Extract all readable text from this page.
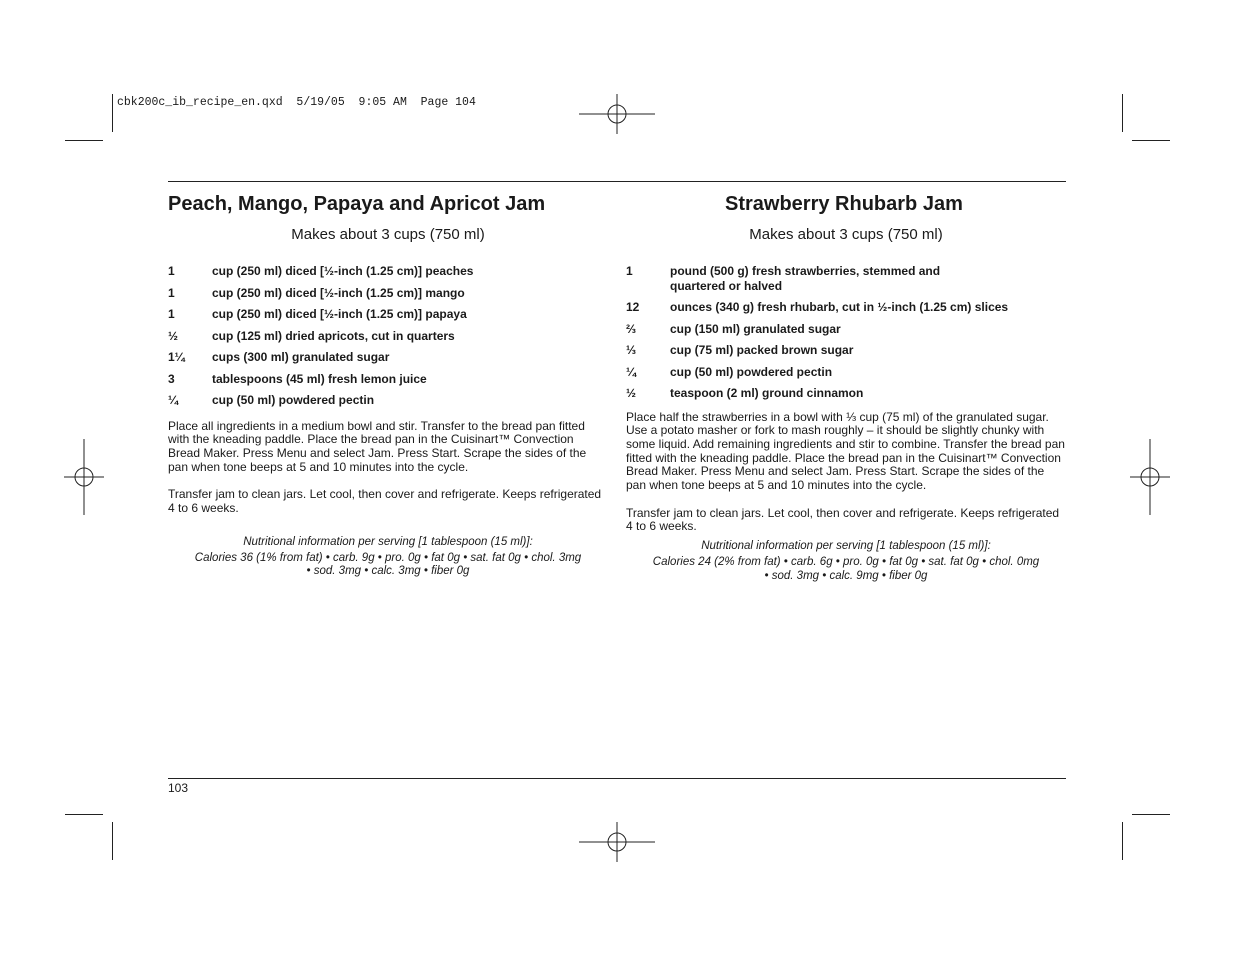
cbk200c_ib_recipe_en.qxd  5/19/05  9:05 AM  Page 104
Peach, Mango, Papaya and Apricot Jam
Makes about 3 cups (750 ml)
1	cup (250 ml) diced [½-inch (1.25 cm)] peaches
1	cup (250 ml) diced [½-inch (1.25 cm)] mango
1	cup (250 ml) diced [½-inch (1.25 cm)] papaya
½	cup (125 ml) dried apricots, cut in quarters
1¼	cups (300 ml) granulated sugar
3	tablespoons (45 ml) fresh lemon juice
¼	cup (50 ml) powdered pectin
Place all ingredients in a medium bowl and stir. Transfer to the bread pan fitted with the kneading paddle. Place the bread pan in the Cuisinart™ Convection Bread Maker. Press Menu and select Jam. Press Start. Scrape the sides of the pan when tone beeps at 5 and 10 minutes into the cycle.
Transfer jam to clean jars. Let cool, then cover and refrigerate. Keeps refrigerated 4 to 6 weeks.
Nutritional information per serving [1 tablespoon (15 ml)]:
Calories 36 (1% from fat) • carb. 9g • pro. 0g • fat 0g • sat. fat 0g • chol. 3mg
• sod. 3mg • calc. 3mg • fiber 0g
Strawberry Rhubarb Jam
Makes about 3 cups (750 ml)
1	pound (500 g) fresh strawberries, stemmed and
quartered or halved
12	ounces (340 g) fresh rhubarb, cut in ½-inch (1.25 cm) slices
⅔	cup (150 ml) granulated sugar
⅓	cup (75 ml) packed brown sugar
¼	cup (50 ml) powdered pectin
½	teaspoon (2 ml) ground cinnamon
Place half the strawberries in a bowl with ⅓ cup (75 ml) of the granulated sugar. Use a potato masher or fork to mash roughly – it should be slightly chunky with some liquid. Add remaining ingredients and stir to combine. Transfer the bread pan fitted with the kneading paddle. Place the bread pan in the Cuisinart™ Convection Bread Maker. Press Menu and select Jam. Press Start. Scrape the sides of the pan when tone beeps at 5 and 10 minutes into the cycle.
Transfer jam to clean jars. Let cool, then cover and refrigerate. Keeps refrigerated 4 to 6 weeks.
Nutritional information per serving [1 tablespoon (15 ml)]:
Calories 24 (2% from fat) • carb. 6g • pro. 0g • fat 0g • sat. fat 0g • chol. 0mg
• sod. 3mg • calc. 9mg • fiber 0g
103
